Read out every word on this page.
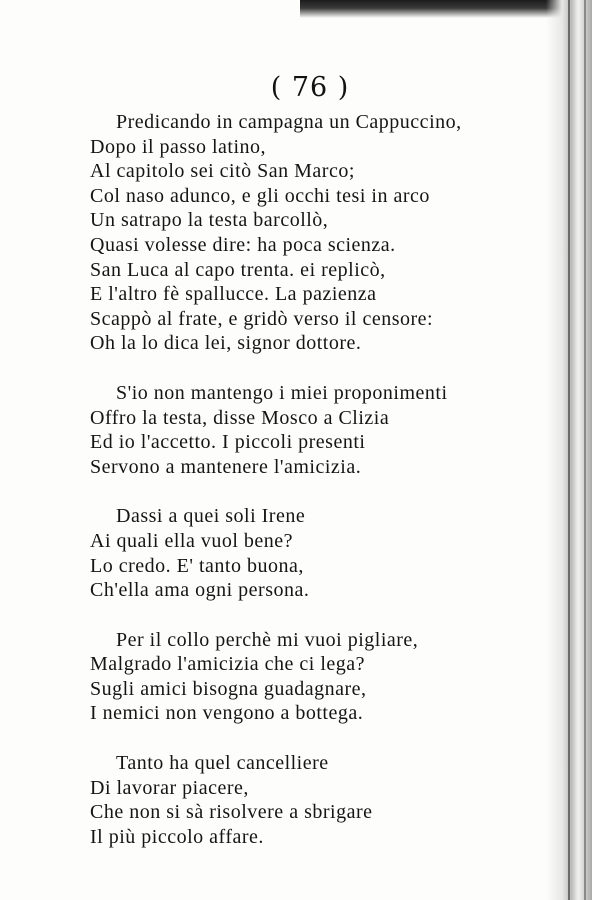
( 76 )
Predicando in campagna un Cappuccino,
Dopo il passo latino,
Al capitolo sei citò San Marco;
Col naso adunco, e gli occhi tesi in arco
Un satrapo la testa barcollò,
Quasi volesse dire: ha poca scienza.
San Luca al capo trenta. ei replicò,
E l'altro fè spallucce. La pazienza
Scappò al frate, e gridò verso il censore:
Oh la lo dica lei, signor dottore.
S'io non mantengo i miei proponimenti
Offro la testa, disse Mosco a Clizia
Ed io l'accetto. I piccoli presenti
Servono a mantenere l'amicizia.
Dassi a quei soli Irene
Ai quali ella vuol bene?
Lo credo. E' tanto buona,
Ch'ella ama ogni persona.
Per il collo perchè mi vuoi pigliare,
Malgrado l'amicizia che ci lega?
Sugli amici bisogna guadagnare,
I nemici non vengono a bottega.
Tanto ha quel cancelliere
Di lavorar piacere,
Che non si sà risolvere a sbrigare
Il più piccolo affare.
